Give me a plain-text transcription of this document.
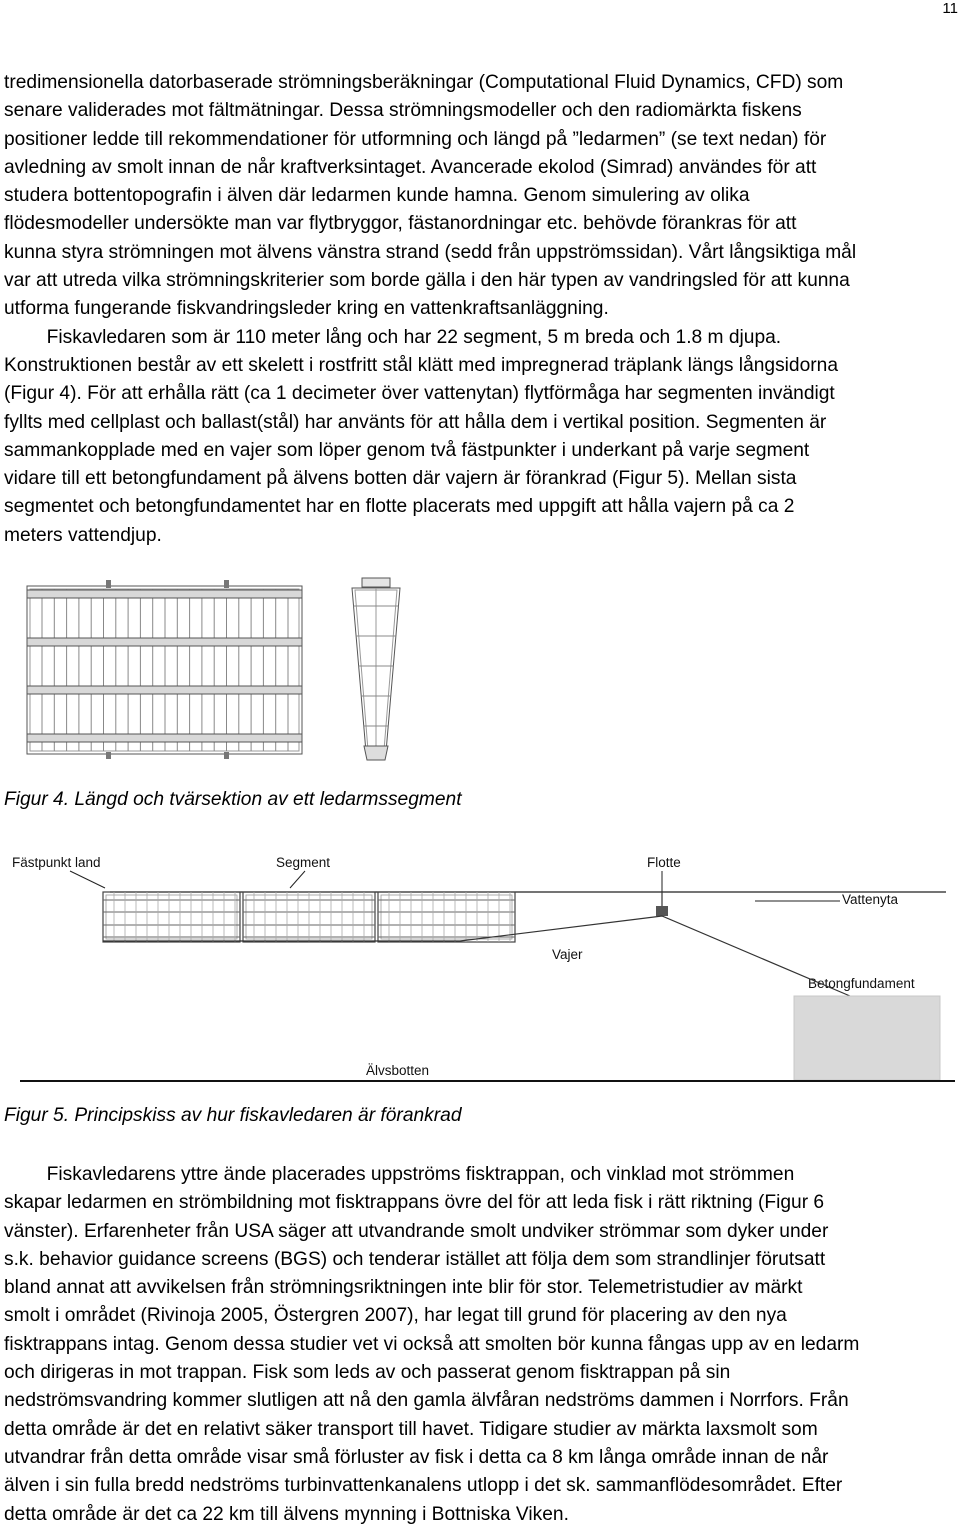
11
tredimensionella datorbaserade strömningsberäkningar (Computational Fluid Dynamics, CFD) som
senare validerades mot fältmätningar. Dessa strömningsmodeller och den radiomärkta fiskens
positioner ledde till rekommendationer för utformning och längd på ”ledarmen” (se text nedan) för
avledning av smolt innan de når kraftverksintaget. Avancerade ekolod (Simrad) användes för att
studera bottentopografin i älven där ledarmen kunde hamna. Genom simulering av olika
flödesmodeller undersökte man var flytbryggor, fästanordningar etc. behövde förankras för att
kunna styra strömningen mot älvens vänstra strand (sedd från uppströmssidan). Vårt långsiktiga mål
var att utreda vilka strömningskriterier som borde gälla i den här typen av vandringsled för att kunna
utforma fungerande fiskvandringsleder kring en vattenkraftsanläggning.
Fiskavledaren som är 110 meter lång och har 22 segment, 5 m breda och 1.8 m djupa.
Konstruktionen består av ett skelett i rostfritt stål klätt med impregnerad träplank längs långsidorna
(Figur 4). För att erhålla rätt (ca 1 decimeter över vattenytan) flytförmåga har segmenten invändigt
fyllts med cellplast och ballast(stål) har använts för att hålla dem i vertikal position. Segmenten är
sammankopplade med en vajer som löper genom två fästpunkter i underkant på varje segment
vidare till ett betongfundament på älvens botten där vajern är förankrad (Figur 5). Mellan sista
segmentet och betongfundamentet har en flotte placerats med uppgift att hålla vajern på ca 2
meters vattendjup.
Figur 4. Längd och tvärsektion av ett ledarmssegment
Fästpunkt land	Segment	Flotte
Vattenyta
Vajer
Betongfundament
Älvsbotten
Figur 5. Principskiss av hur fiskavledaren är förankrad
Fiskavledarens yttre ände placerades uppströms fisktrappan, och vinklad mot strömmen
skapar ledarmen en strömbildning mot fisktrappans övre del för att leda fisk i rätt riktning (Figur 6
vänster). Erfarenheter från USA säger att utvandrande smolt undviker strömmar som dyker under
s.k. behavior guidance screens (BGS) och tenderar istället att följa dem som strandlinjer förutsatt
bland annat att avvikelsen från strömningsriktningen inte blir för stor. Telemetristudier av märkt
smolt i området (Rivinoja 2005, Östergren 2007), har legat till grund för placering av den nya
fisktrappans intag. Genom dessa studier vet vi också att smolten bör kunna fångas upp av en ledarm
och dirigeras in mot trappan. Fisk som leds av och passerat genom fisktrappan på sin
nedströmsvandring kommer slutligen att nå den gamla älvfåran nedströms dammen i Norrfors. Från
detta område är det en relativt säker transport till havet. Tidigare studier av märkta laxsmolt som
utvandrar från detta område visar små förluster av fisk i detta ca 8 km långa område innan de når
älven i sin fulla bredd nedströms turbinvattenkanalens utlopp i det sk. sammanflödesområdet. Efter
detta område är det ca 22 km till älvens mynning i Bottniska Viken.
